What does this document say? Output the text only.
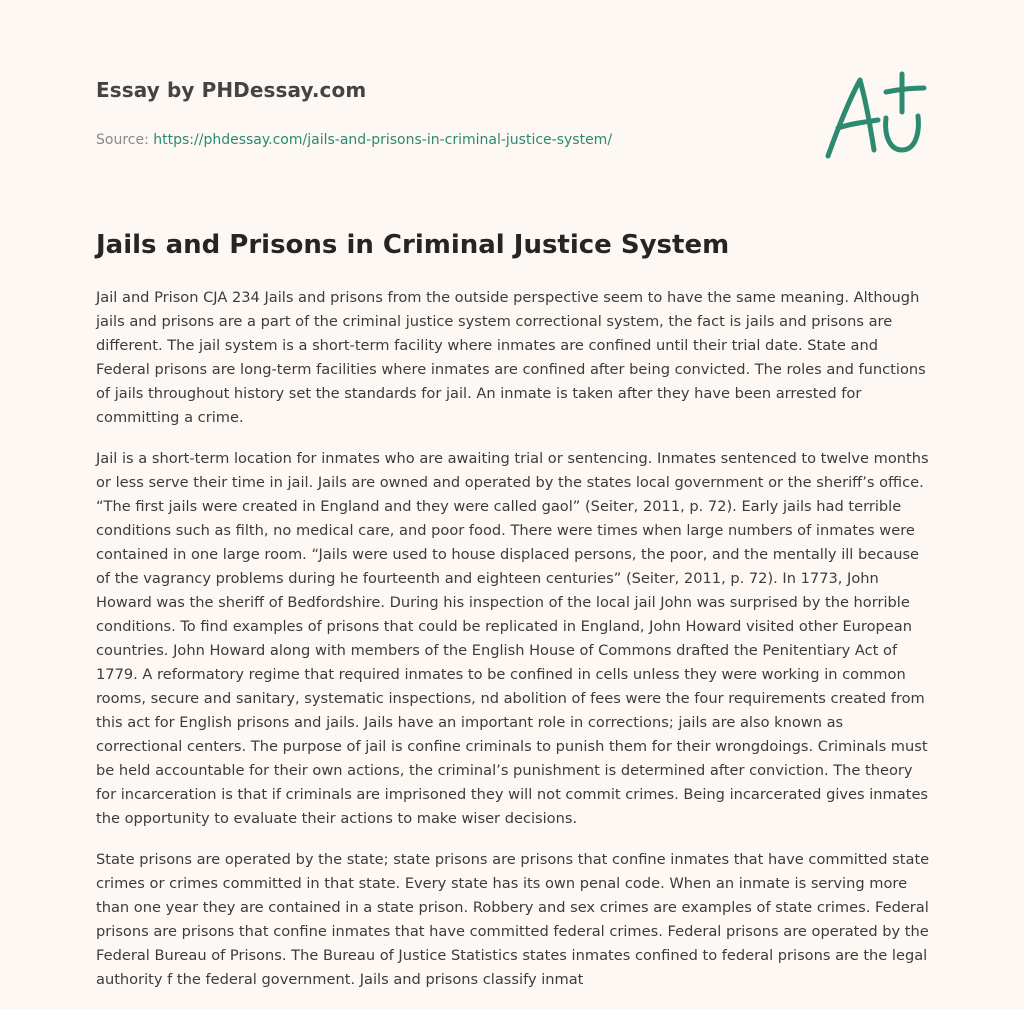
Essay by PHDessay.com
Source: https://phdessay.com/jails-and-prisons-in-criminal-justice-system/
Jails and Prisons in Criminal Justice System

Jail and Prison CJA 234 Jails and prisons from the outside perspective seem to have the same meaning. Although jails and prisons are a part of the criminal justice system correctional system, the fact is jails and prisons are different. The jail system is a short-term facility where inmates are confined until their trial date. State and Federal prisons are long-term facilities where inmates are confined after being convicted. The roles and functions of jails throughout history set the standards for jail. An inmate is taken after they have been arrested for committing a crime.

Jail is a short-term location for inmates who are awaiting trial or sentencing. Inmates sentenced to twelve months or less serve their time in jail. Jails are owned and operated by the states local government or the sheriff’s office. “The first jails were created in England and they were called gaol” (Seiter, 2011, p. 72). Early jails had terrible conditions such as filth, no medical care, and poor food. There were times when large numbers of inmates were contained in one large room. “Jails were used to house displaced persons, the poor, and the mentally ill because of the vagrancy problems during he fourteenth and eighteen centuries” (Seiter, 2011, p. 72). In 1773, John Howard was the sheriff of Bedfordshire. During his inspection of the local jail John was surprised by the horrible conditions. To find examples of prisons that could be replicated in England, John Howard visited other European countries. John Howard along with members of the English House of Commons drafted the Penitentiary Act of 1779. A reformatory regime that required inmates to be confined in cells unless they were working in common rooms, secure and sanitary, systematic inspections, nd abolition of fees were the four requirements created from this act for English prisons and jails. Jails have an important role in corrections; jails are also known as correctional centers. The purpose of jail is confine criminals to punish them for their wrongdoings. Criminals must be held accountable for their own actions, the criminal’s punishment is determined after conviction. The theory for incarceration is that if criminals are imprisoned they will not commit crimes. Being incarcerated gives inmates the opportunity to evaluate their actions to make wiser decisions.

State prisons are operated by the state; state prisons are prisons that confine inmates that have committed state crimes or crimes committed in that state. Every state has its own penal code. When an inmate is serving more than one year they are contained in a state prison. Robbery and sex crimes are examples of state crimes. Federal prisons are prisons that confine inmates that have committed federal crimes. Federal prisons are operated by the Federal Bureau of Prisons. The Bureau of Justice Statistics states inmates confined to federal prisons are the legal authority f the federal government. Jails and prisons classify inmat
